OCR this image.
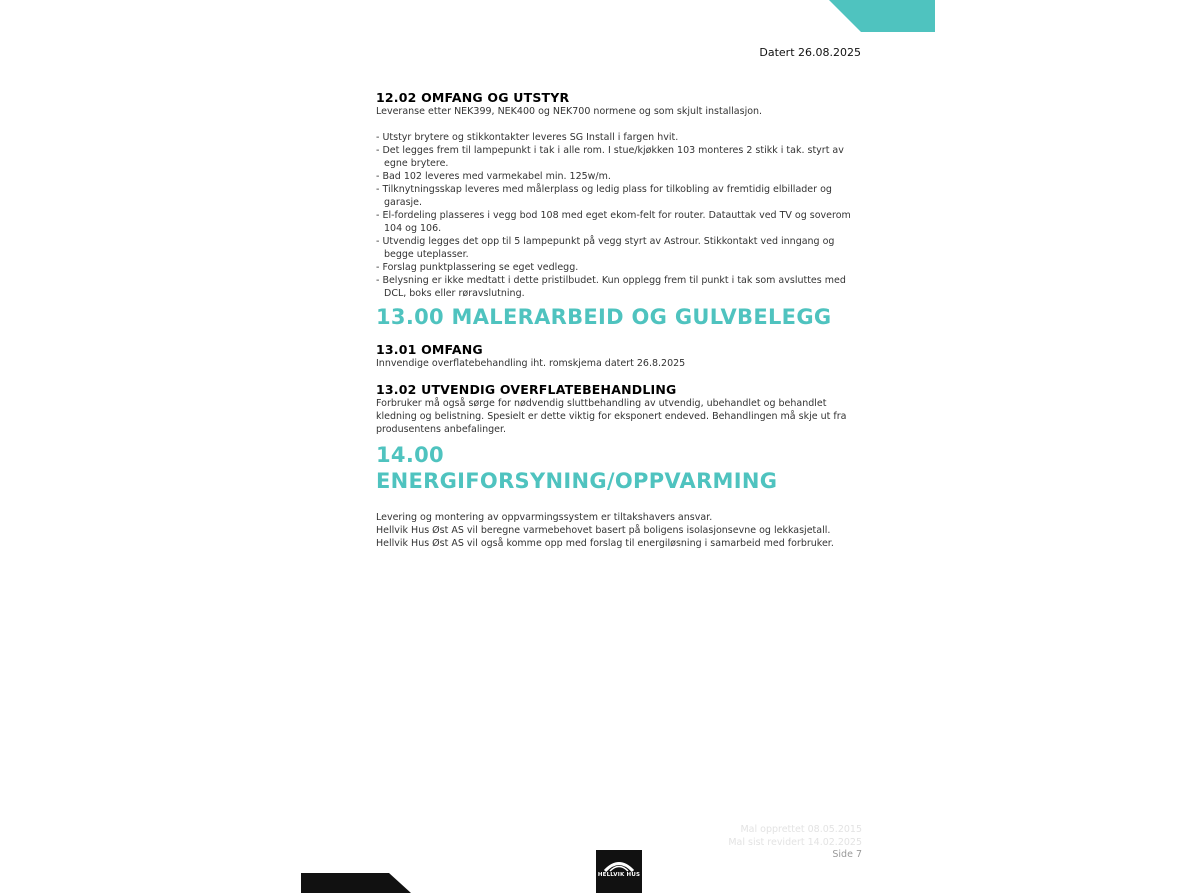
Datert 26.08.2025
12.02 OMFANG OG UTSTYR

Leveranse etter NEK399, NEK400 og NEK700 normene og som skjult installasjon.

- Utstyr brytere og stikkontakter leveres SG Install i fargen hvit.
- Det legges frem til lampepunkt i tak i alle rom. I stue/kjøkken 103 monteres 2 stikk i tak. styrt av egne brytere.
- Bad 102 leveres med varmekabel min. 125w/m.
- Tilknytningsskap leveres med målerplass og ledig plass for tilkobling av fremtidig elbillader og garasje.
- El-fordeling plasseres i vegg bod 108 med eget ekom-felt for router. Datauttak ved TV og soverom 104 og 106.
- Utvendig legges det opp til 5 lampepunkt på vegg styrt av Astrour. Stikkontakt ved inngang og begge uteplasser.
- Forslag punktplassering se eget vedlegg.
- Belysning er ikke medtatt i dette pristilbudet. Kun opplegg frem til punkt i tak som avsluttes med DCL, boks eller røravslutning.
13.00 MALERARBEID OG GULVBELEGG
13.01 OMFANG

Innvendige overflatebehandling iht. romskjema datert 26.8.2025

13.02 UTVENDIG OVERFLATEBEHANDLING

Forbruker må også sørge for nødvendig sluttbehandling av utvendig, ubehandlet og behandlet kledning og belistning. Spesielt er dette viktig for eksponert endeved. Behandlingen må skje ut fra produsentens anbefalinger.

14.00
ENERGIFORSYNING/OPPVARMING

Levering og montering av oppvarmingssystem er tiltakshavers ansvar.

Hellvik Hus Øst AS vil beregne varmebehovet basert på boligens isolasjonsevne og lekkasjetall.

Hellvik Hus Øst AS vil også komme opp med forslag til energiløsning i samarbeid med forbruker.

Mal opprettet 08.05.2015
Mal sist revidert 14.02.2025
Side 7
HELLVIK HUS
